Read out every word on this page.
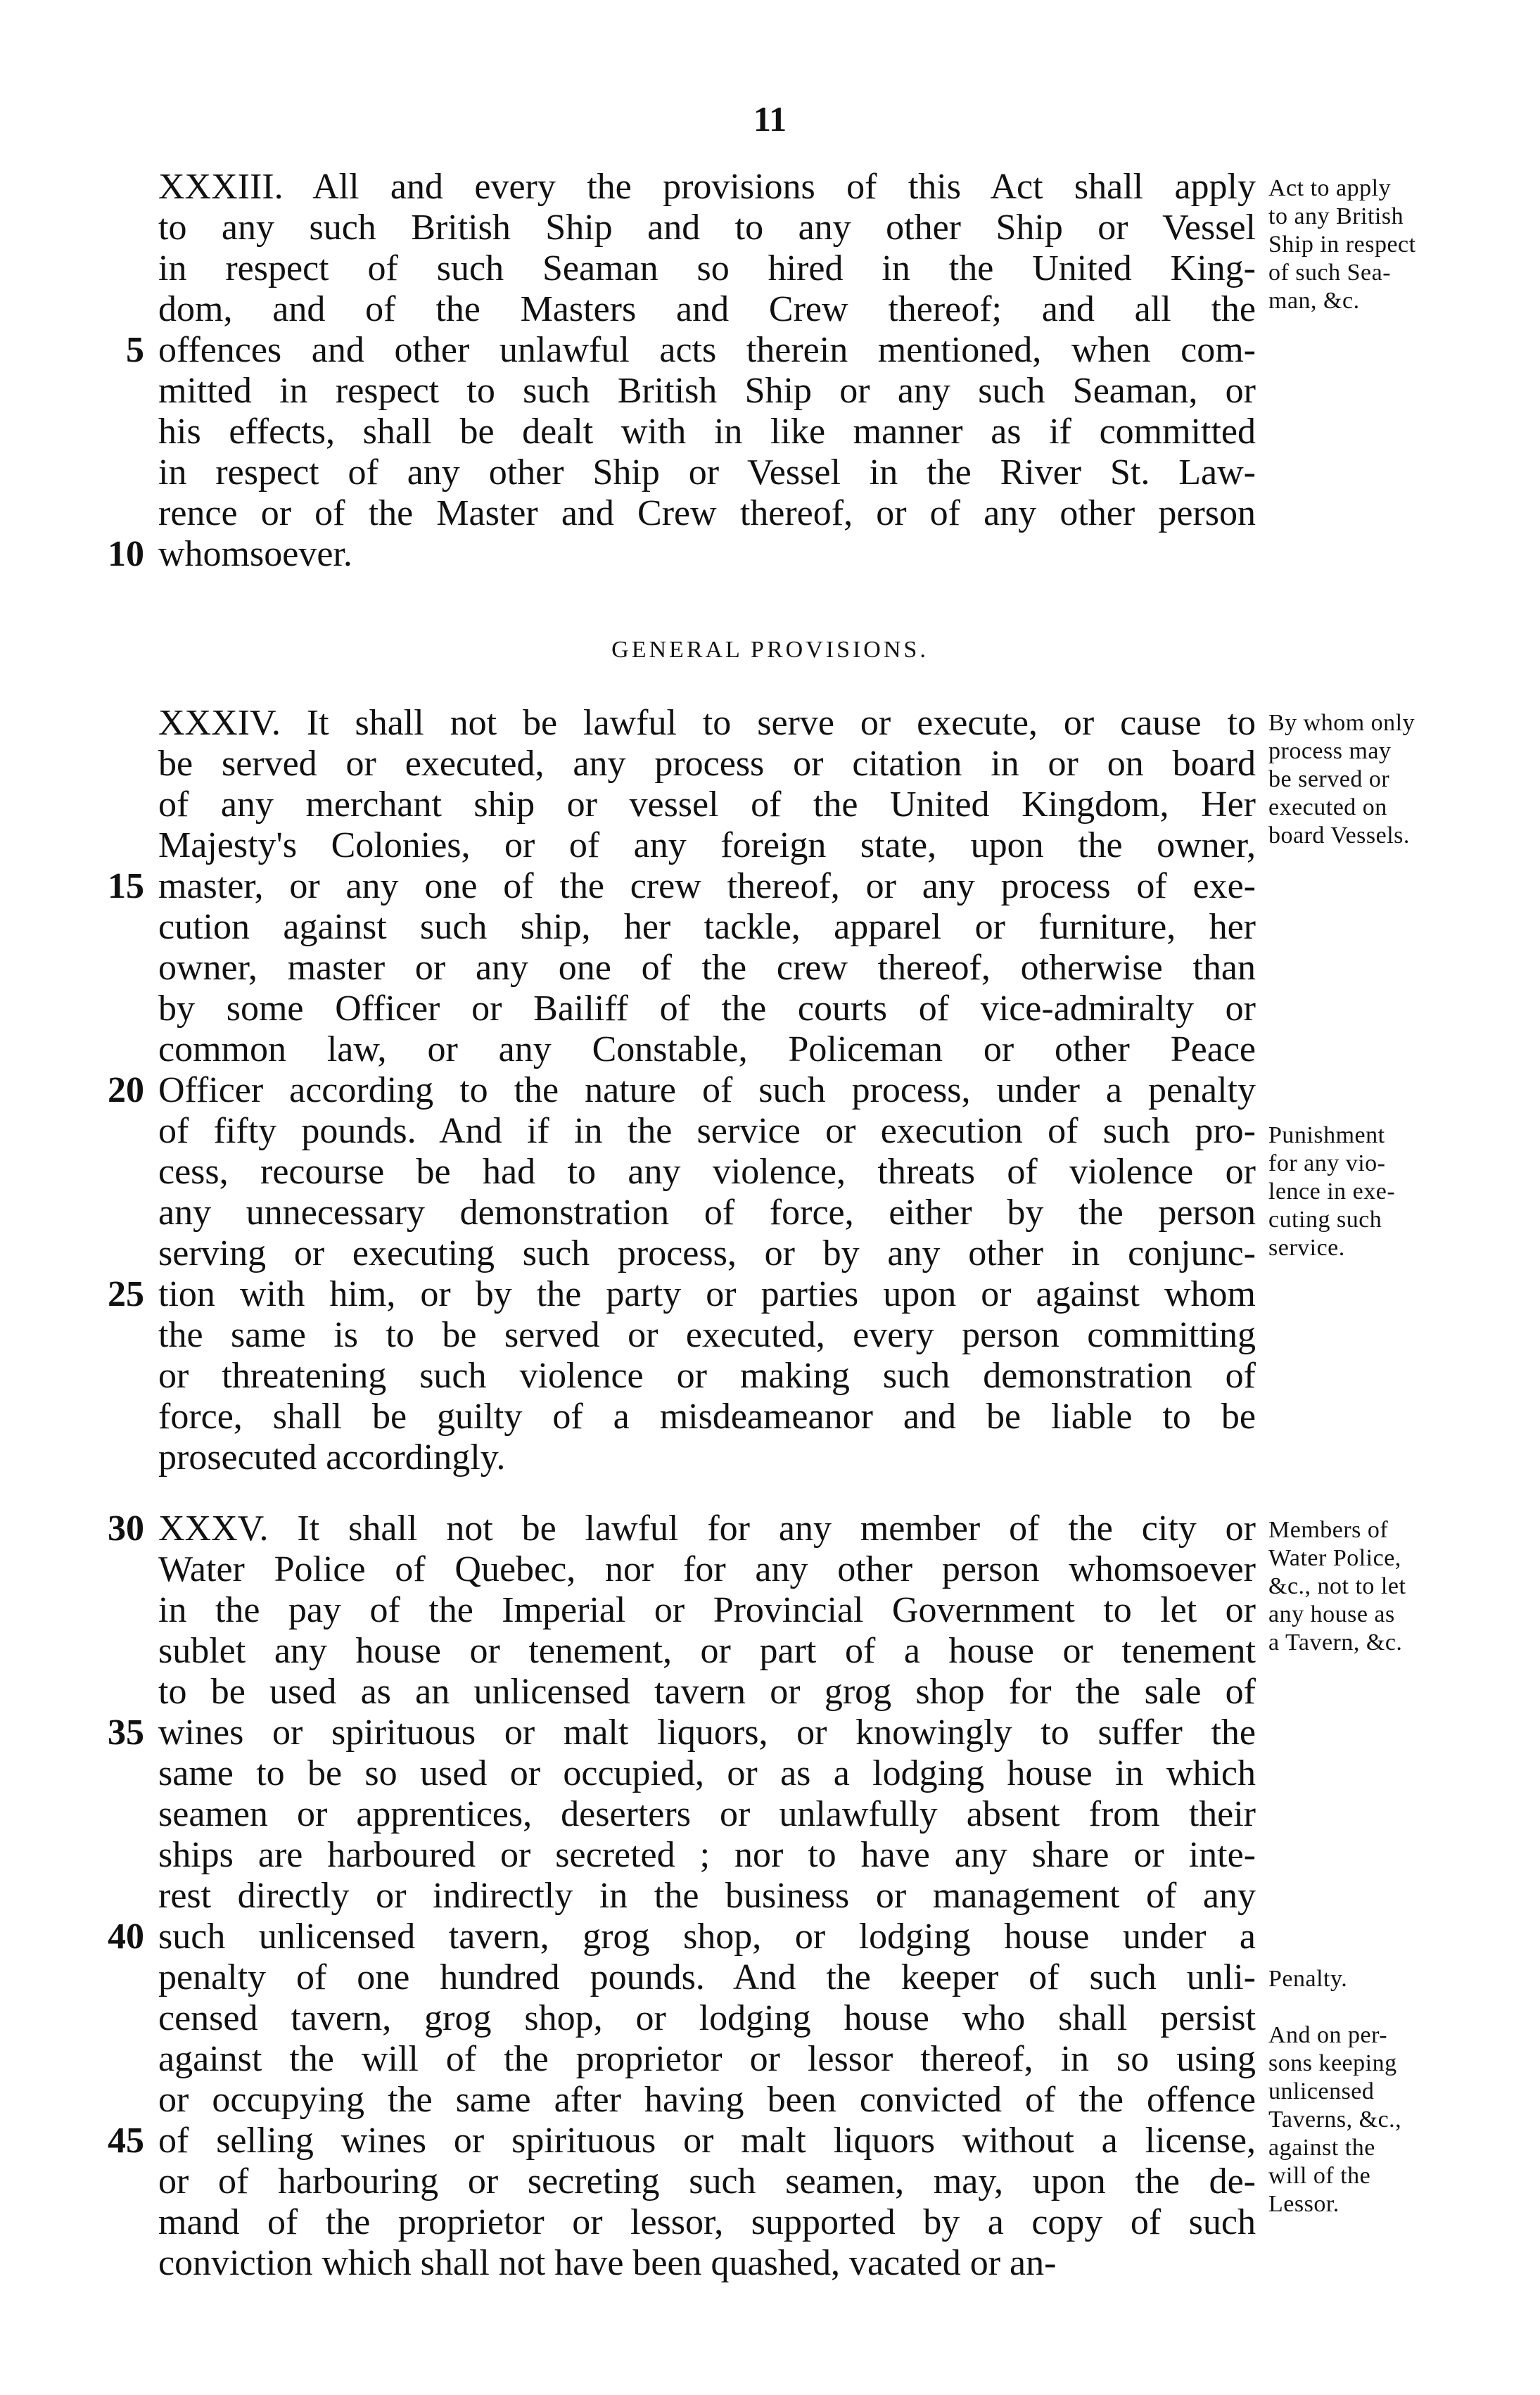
11
XXXIII. All and every the provisions of this Act shall apply
to any such British Ship and to any other Ship or Vessel
in respect of such Seaman so hired in the United King-
dom, and of the Masters and Crew thereof; and all the
offences and other unlawful acts therein mentioned, when com-
mitted in respect to such British Ship or any such Seaman, or
his effects, shall be dealt with in like manner as if committed
in respect of any other Ship or Vessel in the River St. Law-
rence or of the Master and Crew thereof, or of any other person
whomsoever.
GENERAL PROVISIONS.
XXXIV. It shall not be lawful to serve or execute, or cause to
be served or executed, any process or citation in or on board
of any merchant ship or vessel of the United Kingdom, Her
Majesty's Colonies, or of any foreign state, upon the owner,
master, or any one of the crew thereof, or any process of exe-
cution against such ship, her tackle, apparel or furniture, her
owner, master or any one of the crew thereof, otherwise than
by some Officer or Bailiff of the courts of vice-admiralty or
common law, or any Constable, Policeman or other Peace
Officer according to the nature of such process, under a penalty
of fifty pounds. And if in the service or execution of such pro-
cess, recourse be had to any violence, threats of violence or
any unnecessary demonstration of force, either by the person
serving or executing such process, or by any other in conjunc-
tion with him, or by the party or parties upon or against whom
the same is to be served or executed, every person committing
or threatening such violence or making such demonstration of
force, shall be guilty of a misdeameanor and be liable to be
prosecuted accordingly.
XXXV. It shall not be lawful for any member of the city or
Water Police of Quebec, nor for any other person whomsoever
in the pay of the Imperial or Provincial Government to let or
sublet any house or tenement, or part of a house or tenement
to be used as an unlicensed tavern or grog shop for the sale of
wines or spirituous or malt liquors, or knowingly to suffer the
same to be so used or occupied, or as a lodging house in which
seamen or apprentices, deserters or unlawfully absent from their
ships are harboured or secreted ; nor to have any share or inte-
rest directly or indirectly in the business or management of any
such unlicensed tavern, grog shop, or lodging house under a
penalty of one hundred pounds. And the keeper of such unli-
censed tavern, grog shop, or lodging house who shall persist
against the will of the proprietor or lessor thereof, in so using
or occupying the same after having been convicted of the offence
of selling wines or spirituous or malt liquors without a license,
or of harbouring or secreting such seamen, may, upon the de-
mand of the proprietor or lessor, supported by a copy of such
conviction which shall not have been quashed, vacated or an-
5
10
15
20
25
30
35
40
45
Act to apply
to any British
Ship in respect
of such Sea-
man, &c.
By whom only
process may
be served or
executed on
board Vessels.
Punishment
for any vio-
lence in exe-
cuting such
service.
Members of
Water Police,
&c., not to let
any house as
a Tavern, &c.
Penalty.
And on per-
sons keeping
unlicensed
Taverns, &c.,
against the
will of the
Lessor.
